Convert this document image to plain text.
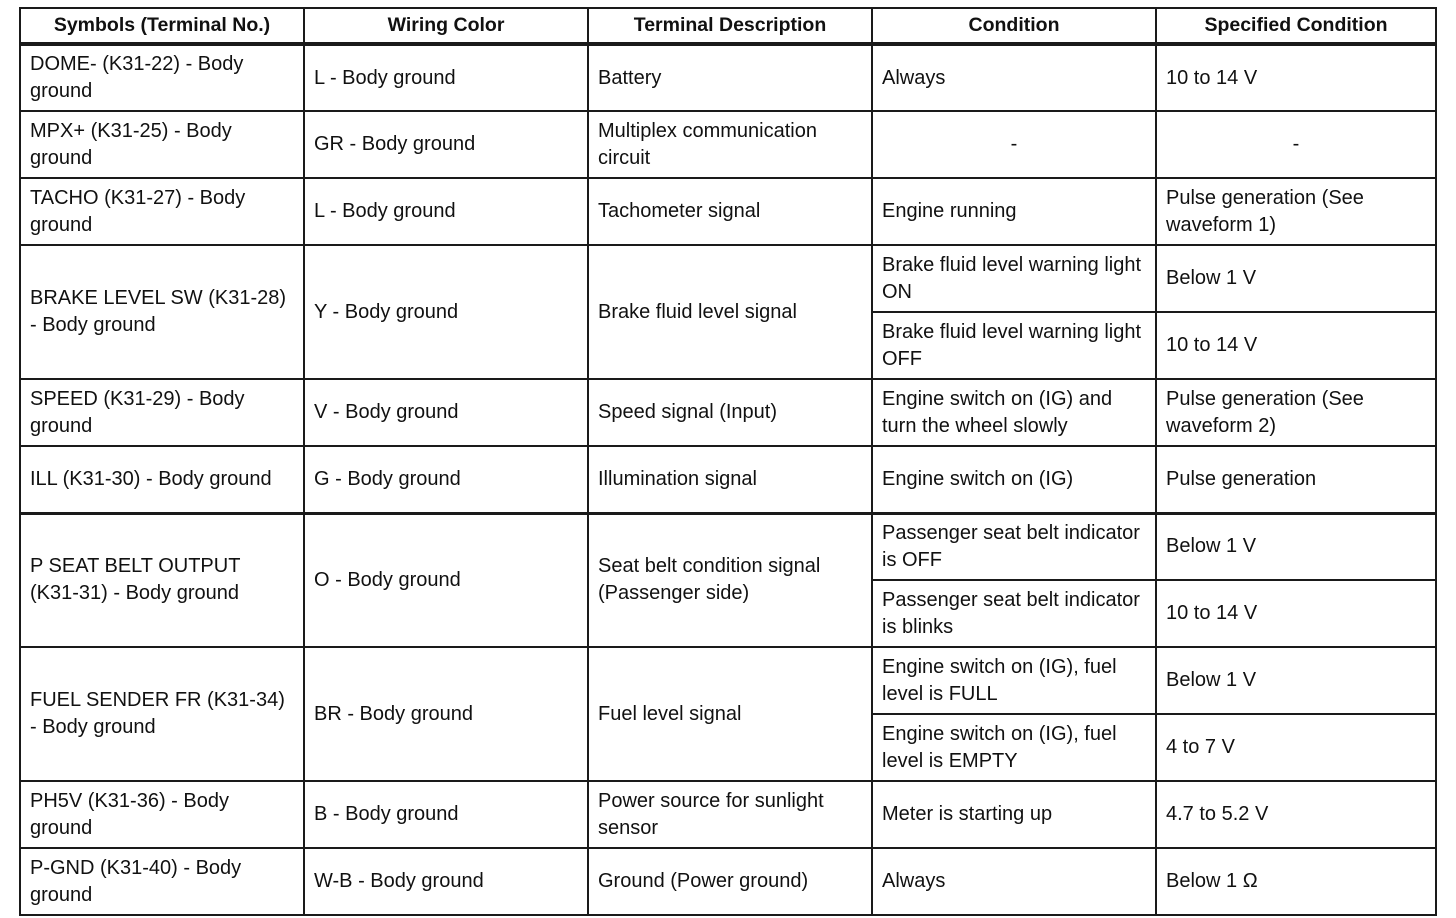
Symbols (Terminal No.)	Wiring Color	Terminal Description	Condition	Specified Condition
DOME- (K31-22) - Body ground	L - Body ground	Battery	Always	10 to 14 V
MPX+ (K31-25) - Body ground	GR - Body ground	Multiplex communication circuit	-	-
TACHO (K31-27) - Body ground	L - Body ground	Tachometer signal	Engine running	Pulse generation (See waveform 1)
BRAKE LEVEL SW (K31-28) - Body ground	Y - Body ground	Brake fluid level signal	Brake fluid level warning light ON	Below 1 V
			Brake fluid level warning light OFF	10 to 14 V
SPEED (K31-29) - Body ground	V - Body ground	Speed signal (Input)	Engine switch on (IG) and turn the wheel slowly	Pulse generation (See waveform 2)
ILL (K31-30) - Body ground	G - Body ground	Illumination signal	Engine switch on (IG)	Pulse generation
P SEAT BELT OUTPUT (K31-31) - Body ground	O - Body ground	Seat belt condition signal (Passenger side)	Passenger seat belt indicator is OFF	Below 1 V
			Passenger seat belt indicator is blinks	10 to 14 V
FUEL SENDER FR (K31-34) - Body ground	BR - Body ground	Fuel level signal	Engine switch on (IG), fuel level is FULL	Below 1 V
			Engine switch on (IG), fuel level is EMPTY	4 to 7 V
PH5V (K31-36) - Body ground	B - Body ground	Power source for sunlight sensor	Meter is starting up	4.7 to 5.2 V
P-GND (K31-40) - Body ground	W-B - Body ground	Ground (Power ground)	Always	Below 1 Ω
